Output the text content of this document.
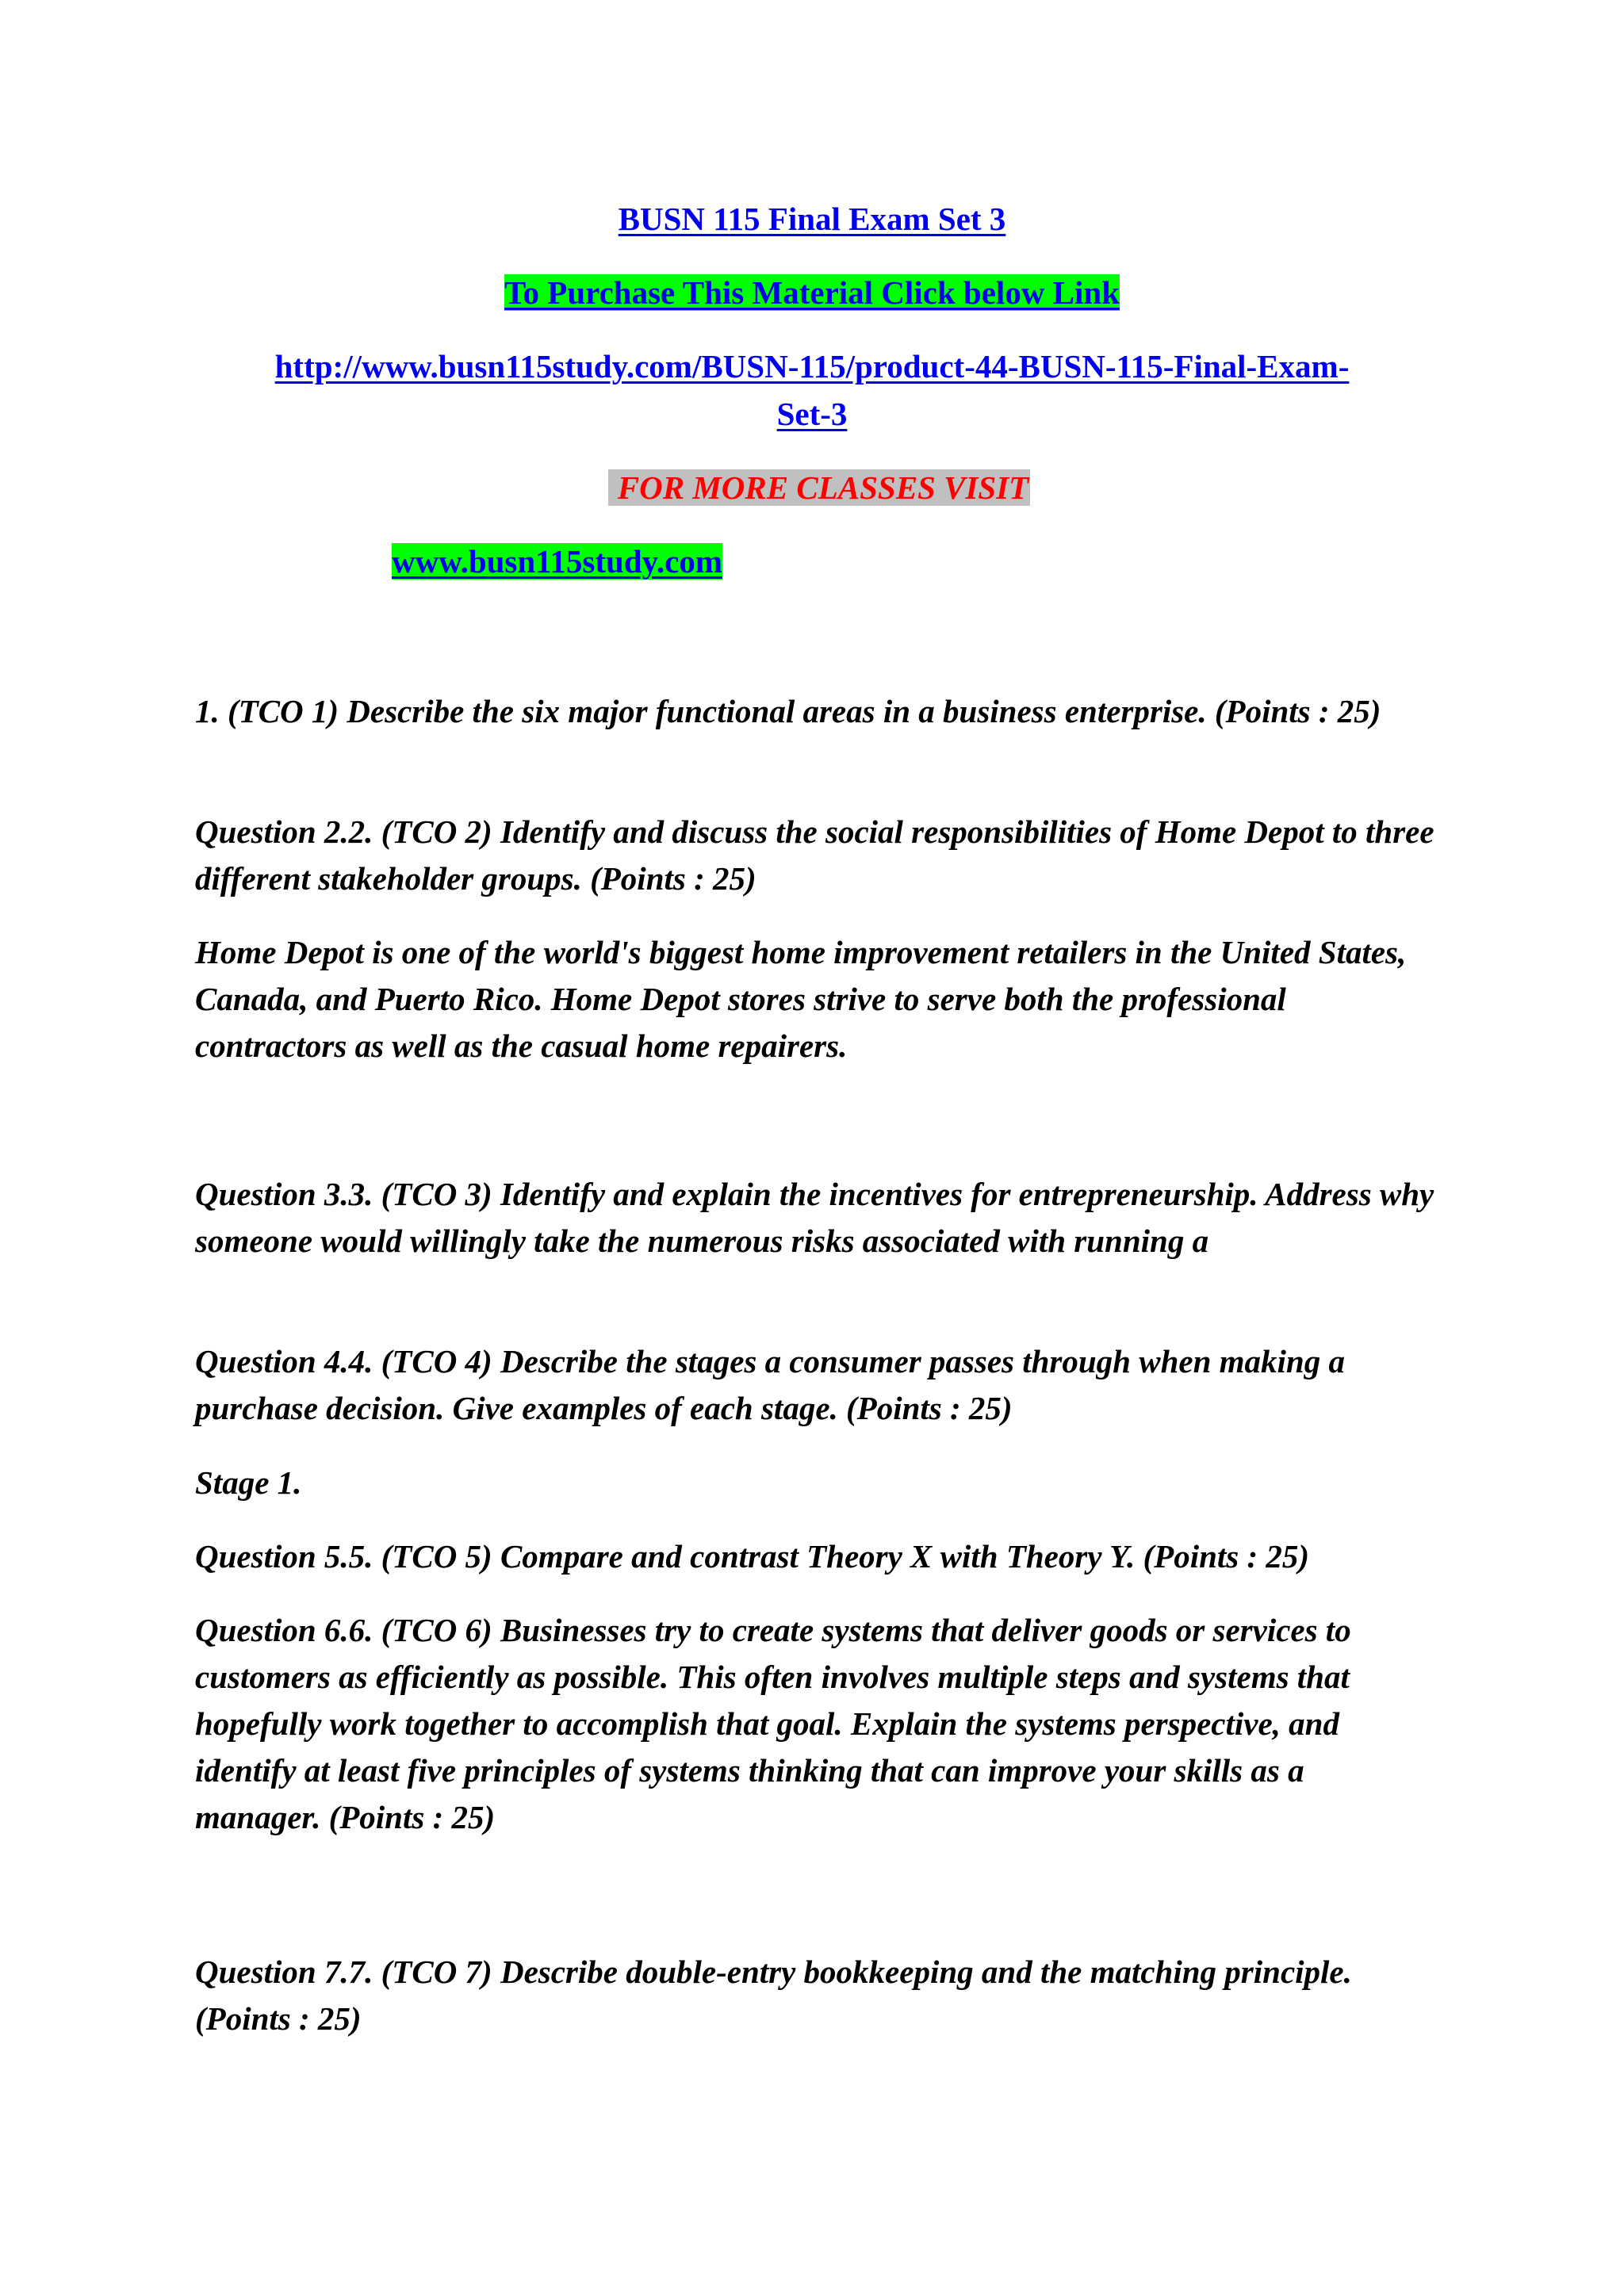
BUSN 115 Final Exam Set 3
To Purchase This Material Click below Link
http://www.busn115study.com/BUSN-115/product-44-BUSN-115-Final-Exam-
Set-3
FOR MORE CLASSES VISIT
www.busn115study.com

1. (TCO 1) Describe the six major functional areas in a business enterprise. (Points : 25)

Question 2.2. (TCO 2) Identify and discuss the social responsibilities of Home Depot to three different stakeholder groups. (Points : 25)

Home Depot is one of the world's biggest home improvement retailers in the United States, Canada, and Puerto Rico. Home Depot stores strive to serve both the professional contractors as well as the casual home repairers.

Question 3.3. (TCO 3) Identify and explain the incentives for entrepreneurship. Address why someone would willingly take the numerous risks associated with running a

Question 4.4. (TCO 4) Describe the stages a consumer passes through when making a purchase decision. Give examples of each stage. (Points : 25)

Stage 1.

Question 5.5. (TCO 5) Compare and contrast Theory X with Theory Y. (Points : 25)

Question 6.6. (TCO 6) Businesses try to create systems that deliver goods or services to customers as efficiently as possible. This often involves multiple steps and systems that hopefully work together to accomplish that goal. Explain the systems perspective, and identify at least five principles of systems thinking that can improve your skills as a manager. (Points : 25)

Question 7.7. (TCO 7) Describe double-entry bookkeeping and the matching principle. (Points : 25)
